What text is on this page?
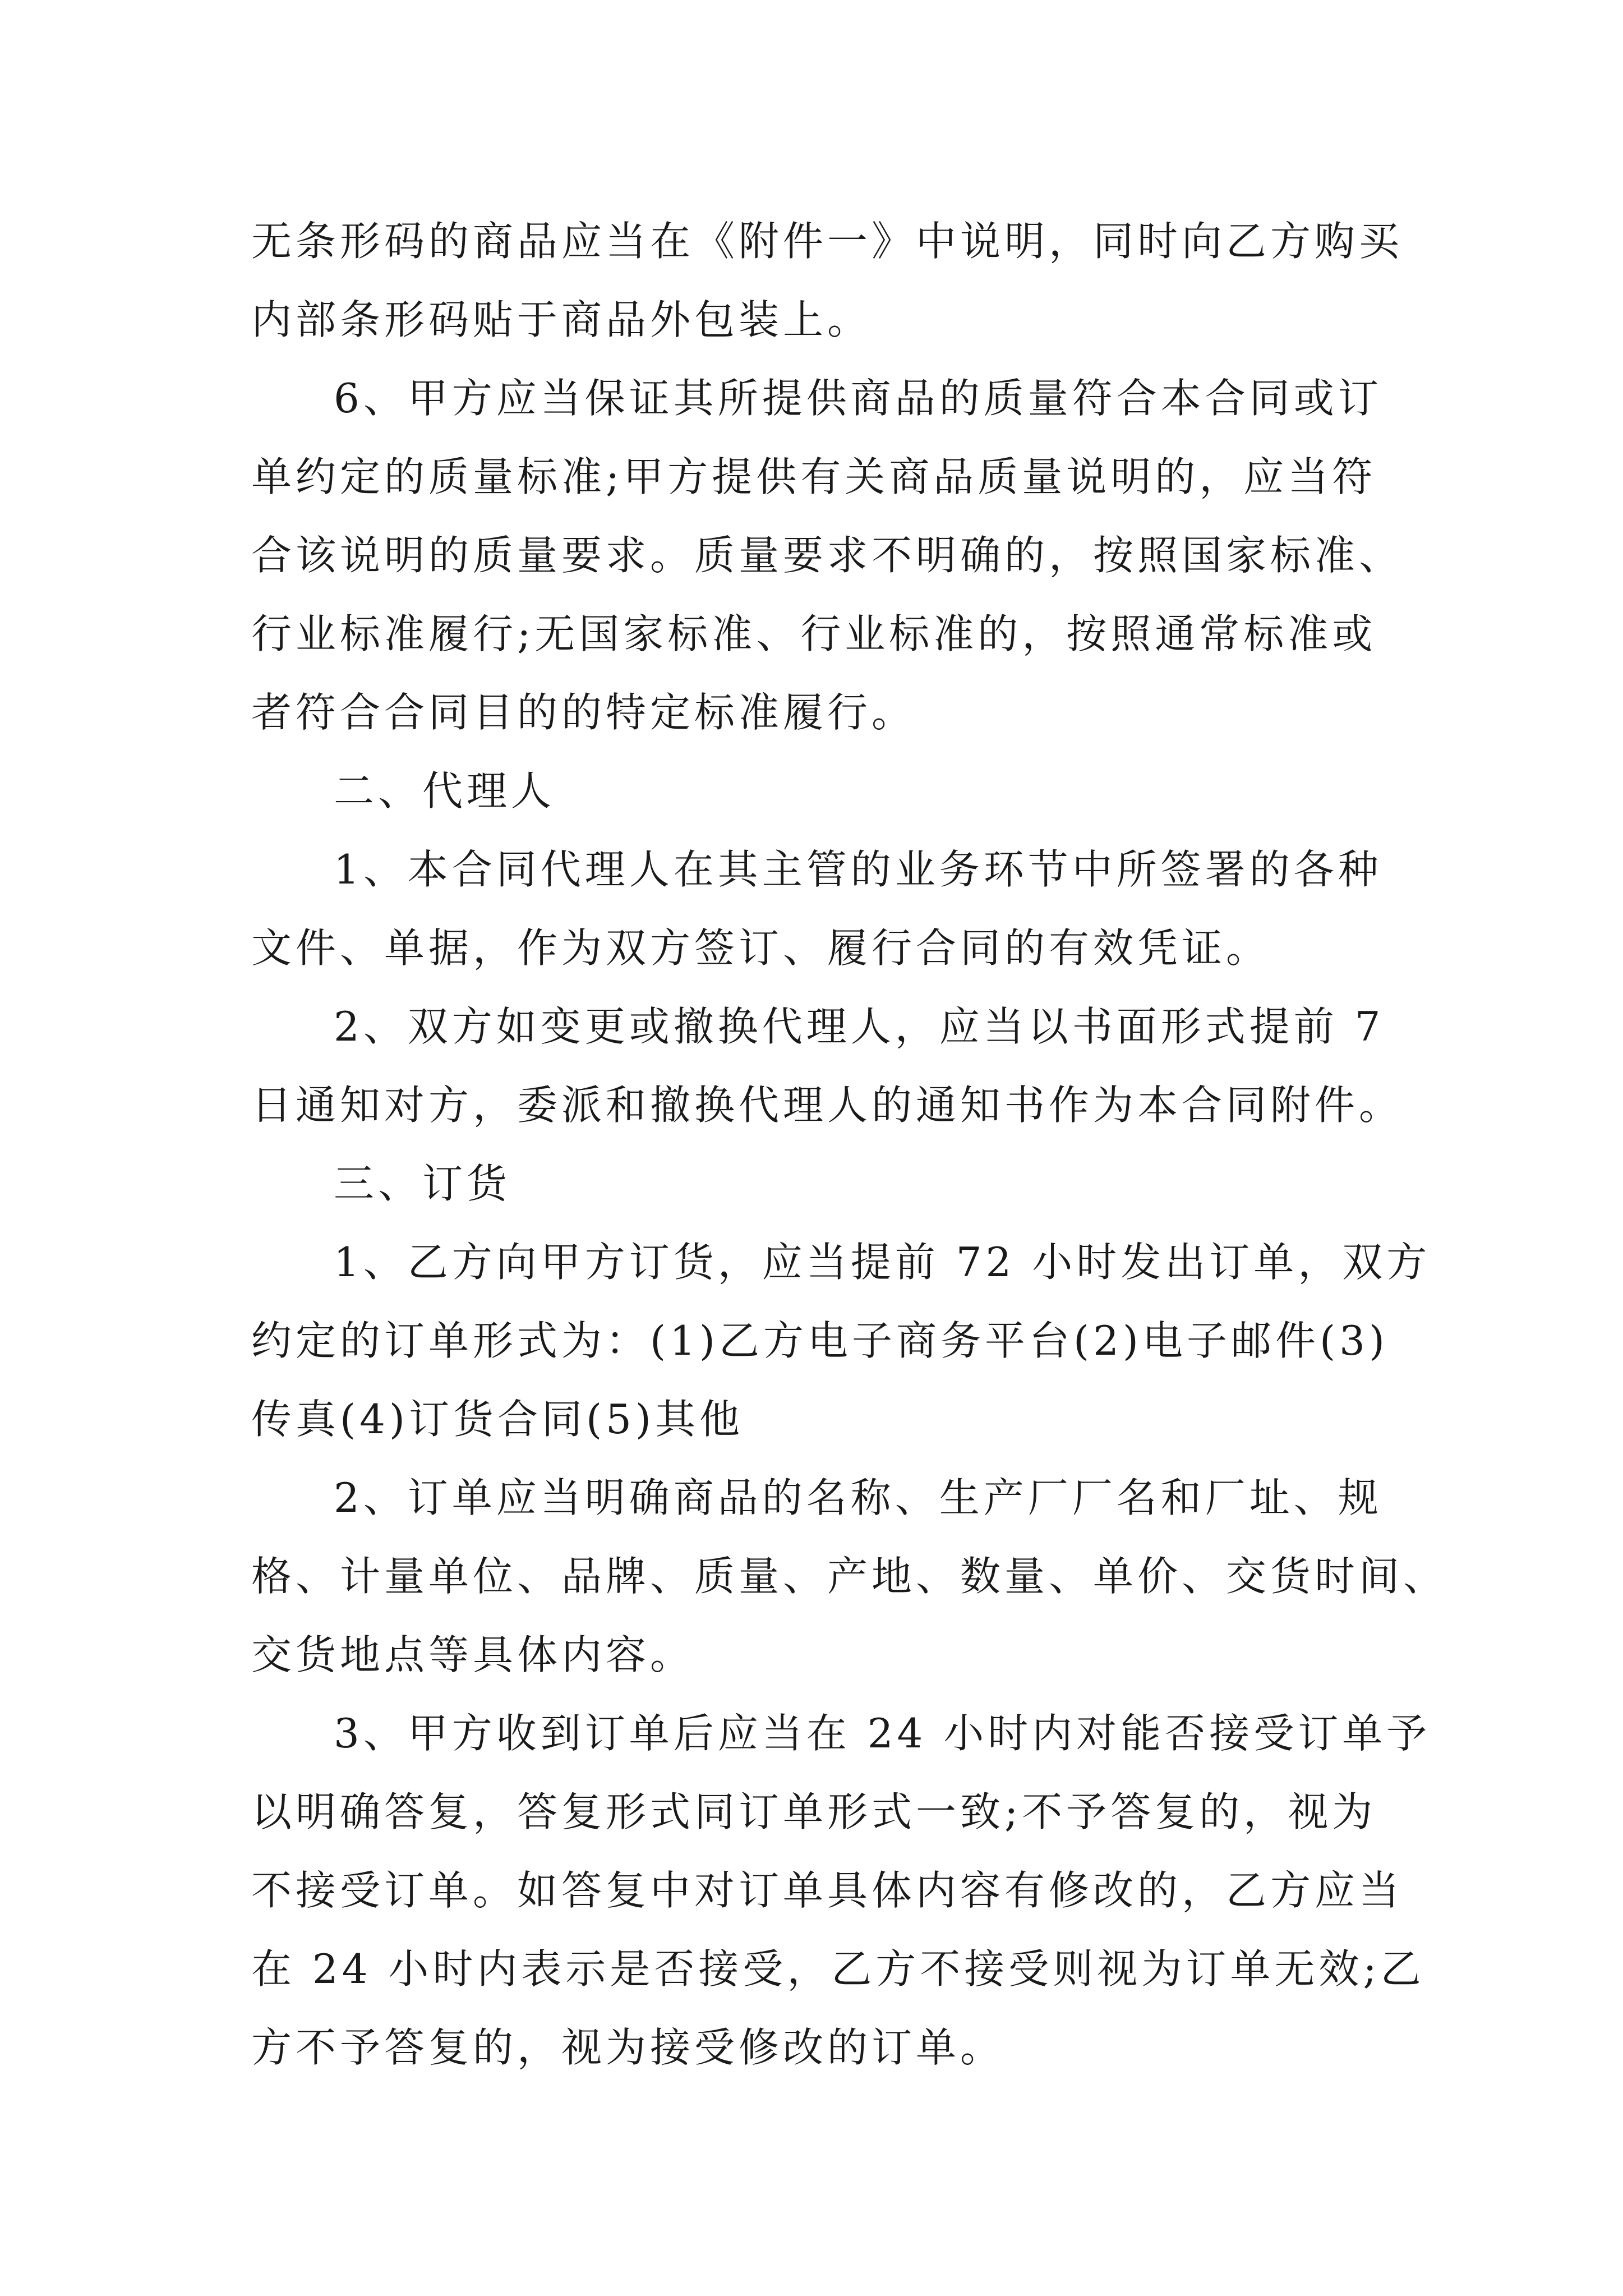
无条形码的商品应当在《附件一》中说明，同时向乙方购买
内部条形码贴于商品外包装上。
6、甲方应当保证其所提供商品的质量符合本合同或订
单约定的质量标准;甲方提供有关商品质量说明的，应当符
合该说明的质量要求。质量要求不明确的，按照国家标准、
行业标准履行;无国家标准、行业标准的，按照通常标准或
者符合合同目的的特定标准履行。
二、代理人
1、本合同代理人在其主管的业务环节中所签署的各种
文件、单据，作为双方签订、履行合同的有效凭证。
2、双方如变更或撤换代理人，应当以书面形式提前 7
日通知对方，委派和撤换代理人的通知书作为本合同附件。
三、订货
1、乙方向甲方订货，应当提前 72 小时发出订单，双方
约定的订单形式为：(1)乙方电子商务平台(2)电子邮件(3)
传真(4)订货合同(5)其他
2、订单应当明确商品的名称、生产厂厂名和厂址、规
格、计量单位、品牌、质量、产地、数量、单价、交货时间、
交货地点等具体内容。
3、甲方收到订单后应当在 24 小时内对能否接受订单予
以明确答复，答复形式同订单形式一致;不予答复的，视为
不接受订单。如答复中对订单具体内容有修改的，乙方应当
在 24 小时内表示是否接受，乙方不接受则视为订单无效;乙
方不予答复的，视为接受修改的订单。
